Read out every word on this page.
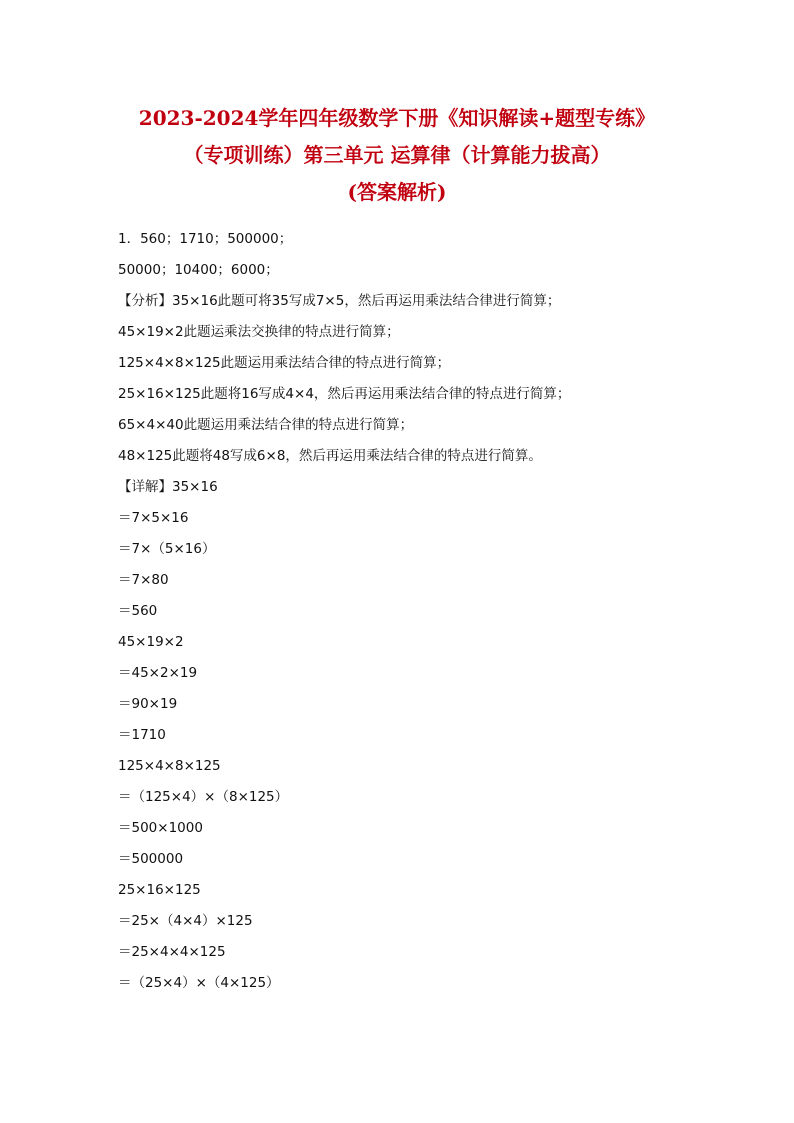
2023-2024学年四年级数学下册《知识解读+题型专练》
（专项训练）第三单元 运算律（计算能力拔高）
(答案解析)
1．560；1710；500000；
50000；10400；6000；
【分析】35×16此题可将35写成7×5，然后再运用乘法结合律进行简算；
45×19×2此题运乘法交换律的特点进行简算；
125×4×8×125此题运用乘法结合律的特点进行简算；
25×16×125此题将16写成4×4，然后再运用乘法结合律的特点进行简算；
65×4×40此题运用乘法结合律的特点进行简算；
48×125此题将48写成6×8，然后再运用乘法结合律的特点进行简算。
【详解】35×16
＝7×5×16
＝7×（5×16）
＝7×80
＝560
45×19×2
＝45×2×19
＝90×19
＝1710
125×4×8×125
＝（125×4）×（8×125）
＝500×1000
＝500000
25×16×125
＝25×（4×4）×125
＝25×4×4×125
＝（25×4）×（4×125）
